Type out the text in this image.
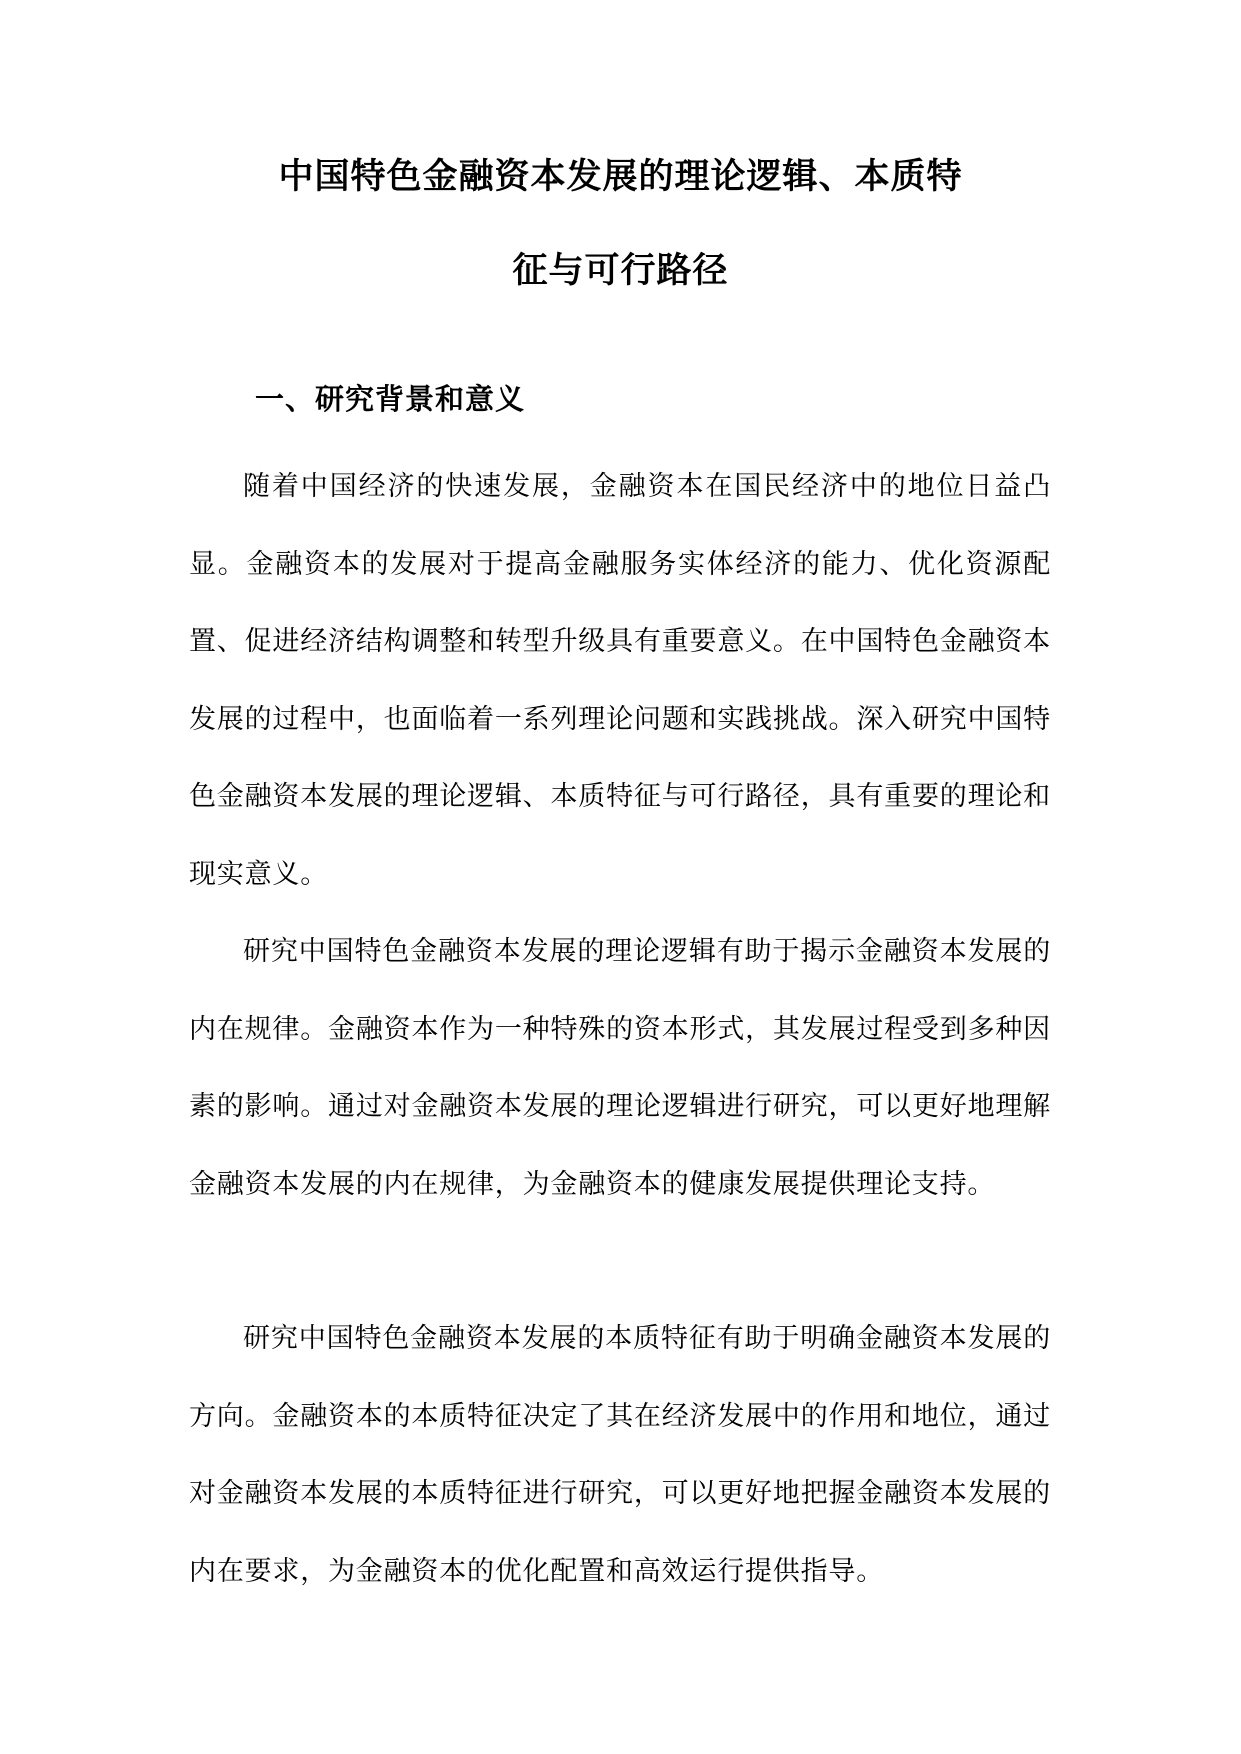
中国特色金融资本发展的理论逻辑、本质特
征与可行路径
一、研究背景和意义

随着中国经济的快速发展，金融资本在国民经济中的地位日益凸显。金融资本的发展对于提高金融服务实体经济的能力、优化资源配置、促进经济结构调整和转型升级具有重要意义。在中国特色金融资本发展的过程中，也面临着一系列理论问题和实践挑战。深入研究中国特色金融资本发展的理论逻辑、本质特征与可行路径，具有重要的理论和现实意义。

研究中国特色金融资本发展的理论逻辑有助于揭示金融资本发展的内在规律。金融资本作为一种特殊的资本形式，其发展过程受到多种因素的影响。通过对金融资本发展的理论逻辑进行研究，可以更好地理解金融资本发展的内在规律，为金融资本的健康发展提供理论支持。

研究中国特色金融资本发展的本质特征有助于明确金融资本发展的方向。金融资本的本质特征决定了其在经济发展中的作用和地位，通过对金融资本发展的本质特征进行研究，可以更好地把握金融资本发展的内在要求，为金融资本的优化配置和高效运行提供指导。
